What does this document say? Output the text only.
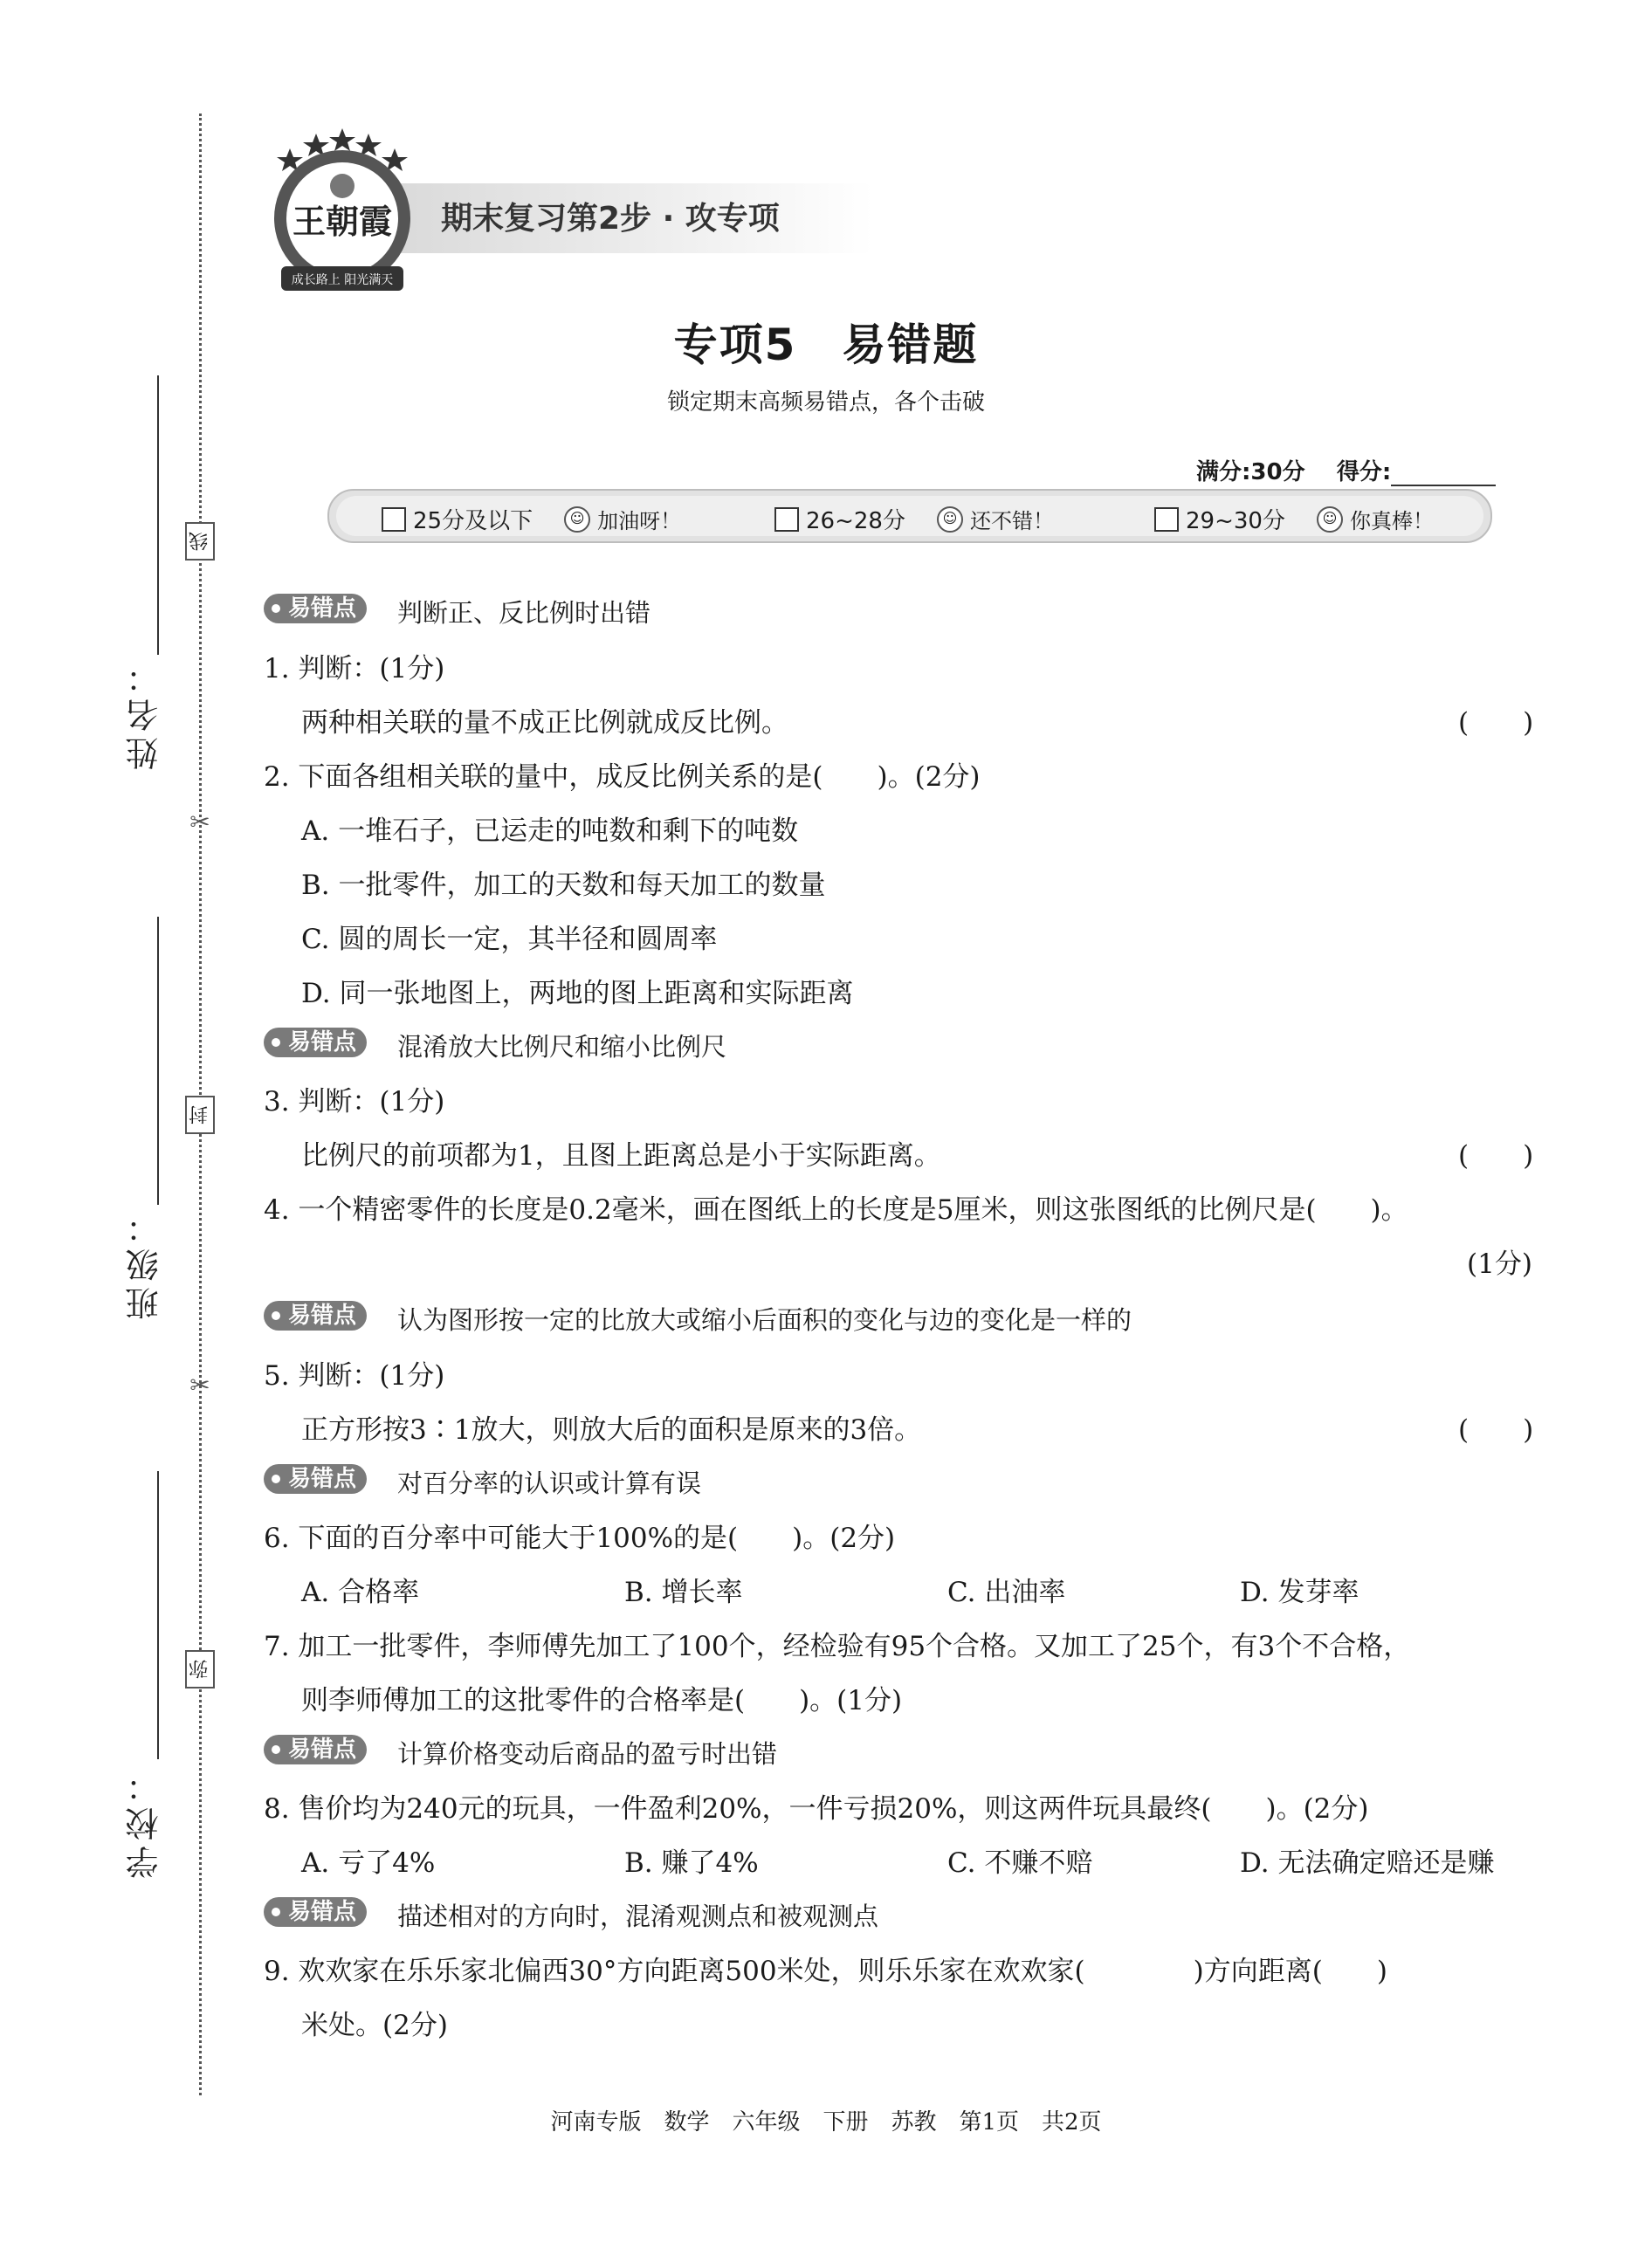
姓名：
班级：
学校：
线
封
弥
✂
✂
期末复习第2步 · 攻专项
王朝霞
成长路上 阳光满天
专项5　易错题
锁定期末高频易错点，各个击破
满分:30分 得分:
25分及以下	☺ 加油呀！	26~28分	☺ 还不错！	29~30分	☺ 你真棒！
易错点	判断正、反比例时出错
1. 判断：(1分)
两种相关联的量不成正比例就成反比例。	(　　)
2. 下面各组相关联的量中，成反比例关系的是(　　)。(2分)
A. 一堆石子，已运走的吨数和剩下的吨数
B. 一批零件，加工的天数和每天加工的数量
C. 圆的周长一定，其半径和圆周率
D. 同一张地图上，两地的图上距离和实际距离
易错点	混淆放大比例尺和缩小比例尺
3. 判断：(1分)
比例尺的前项都为1，且图上距离总是小于实际距离。	(　　)
4. 一个精密零件的长度是0.2毫米，画在图纸上的长度是5厘米，则这张图纸的比例尺是(　　)。
(1分)
易错点	认为图形按一定的比放大或缩小后面积的变化与边的变化是一样的
5. 判断：(1分)
正方形按3∶1放大，则放大后的面积是原来的3倍。	(　　)
易错点	对百分率的认识或计算有误
6. 下面的百分率中可能大于100%的是(　　)。(2分)
A. 合格率	B. 增长率	C. 出油率	D. 发芽率
7. 加工一批零件，李师傅先加工了100个，经检验有95个合格。又加工了25个，有3个不合格，
则李师傅加工的这批零件的合格率是(　　)。(1分)
易错点	计算价格变动后商品的盈亏时出错
8. 售价均为240元的玩具，一件盈利20%，一件亏损20%，则这两件玩具最终(　　)。(2分)
A. 亏了4%	B. 赚了4%	C. 不赚不赔	D. 无法确定赔还是赚
易错点	描述相对的方向时，混淆观测点和被观测点
9. 欢欢家在乐乐家北偏西30°方向距离500米处，则乐乐家在欢欢家(　　　　)方向距离(　　)
米处。(2分)
河南专版　数学　六年级　下册　苏教　第1页　共2页
